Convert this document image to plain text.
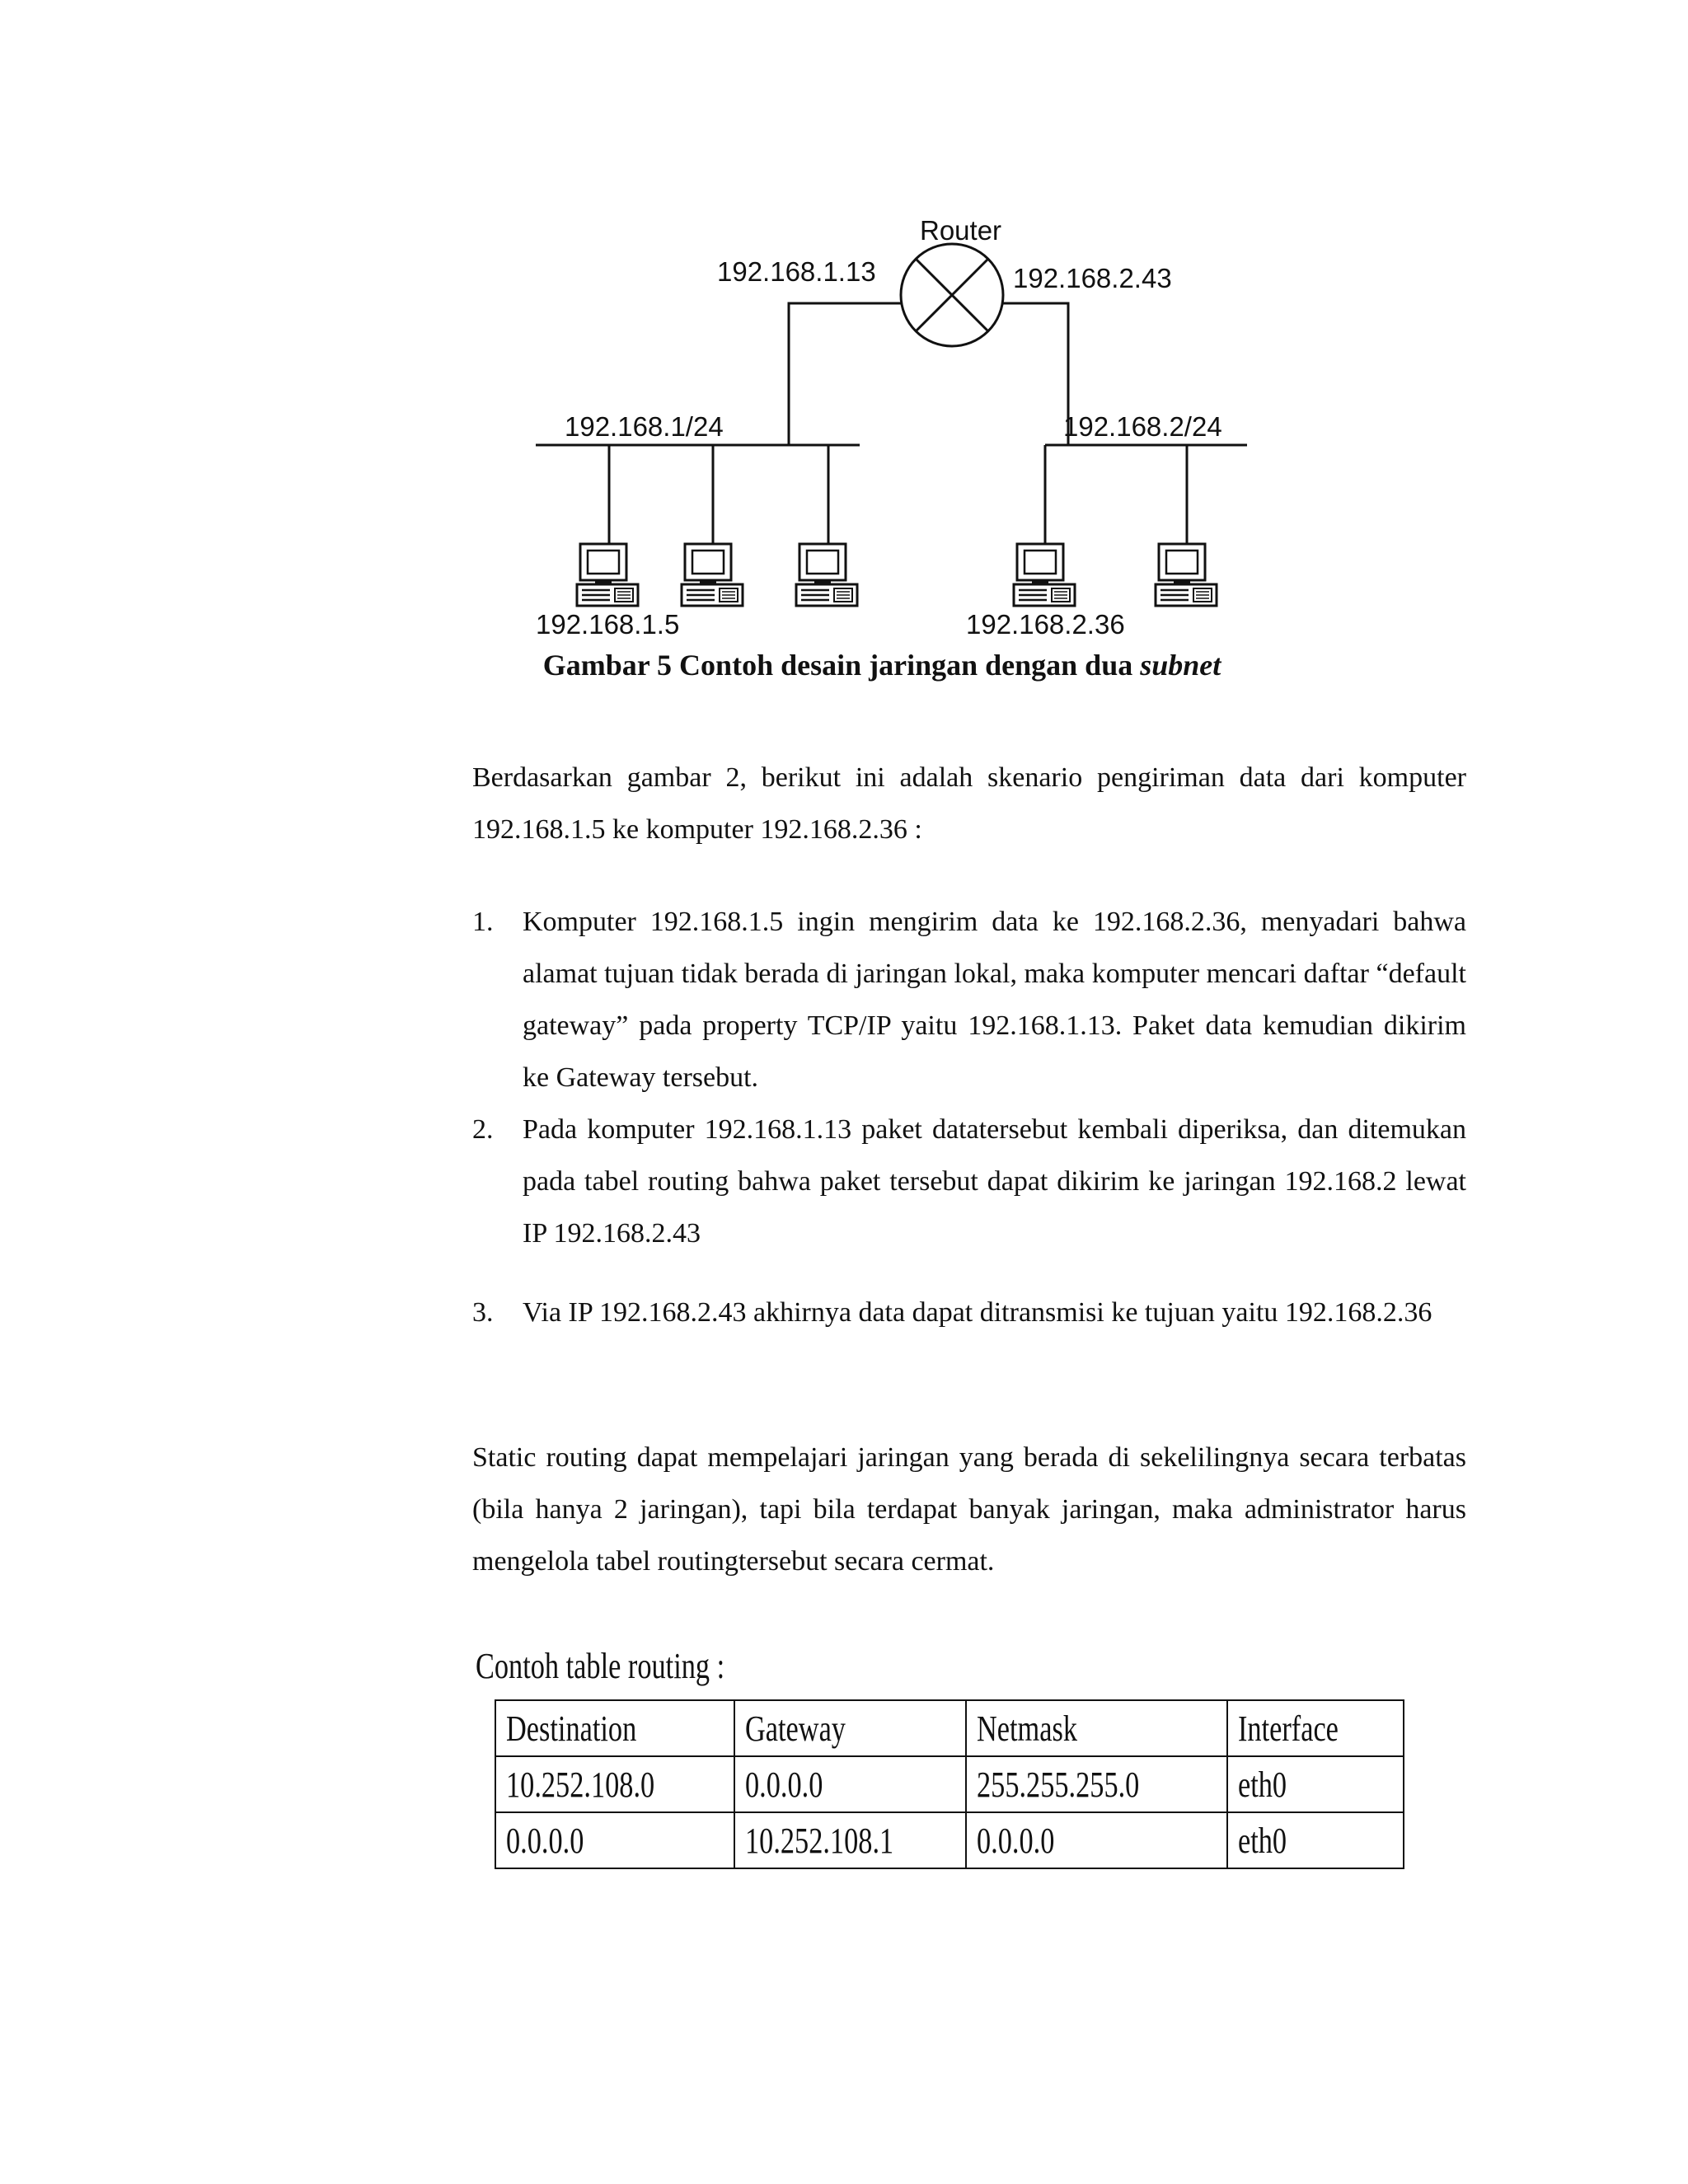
Router
192.168.1.13	192.168.2.43
192.168.1/24	192.168.2/24
192.168.1.5	192.168.2.36
Gambar 5 Contoh desain jaringan dengan dua subnet

Berdasarkan gambar 2, berikut ini adalah skenario pengiriman data dari komputer 192.168.1.5 ke komputer 192.168.2.36 :

1. Komputer 192.168.1.5 ingin mengirim data ke 192.168.2.36, menyadari bahwa alamat tujuan tidak berada di jaringan lokal, maka komputer mencari daftar “default gateway” pada property TCP/IP yaitu 192.168.1.13. Paket data kemudian dikirim ke Gateway tersebut.
2. Pada komputer 192.168.1.13 paket datatersebut kembali diperiksa, dan ditemukan pada tabel routing bahwa paket tersebut dapat dikirim ke jaringan 192.168.2 lewat IP 192.168.2.43
3. Via IP 192.168.2.43 akhirnya data dapat ditransmisi ke tujuan yaitu 192.168.2.36

Static routing dapat mempelajari jaringan yang berada di sekelilingnya secara terbatas (bila hanya 2 jaringan), tapi bila terdapat banyak jaringan, maka administrator harus mengelola tabel routingtersebut secara cermat.

Contoh table routing :
Destination	Gateway	Netmask	Interface
10.252.108.0	0.0.0.0	255.255.255.0	eth0
0.0.0.0	10.252.108.1	0.0.0.0	eth0
